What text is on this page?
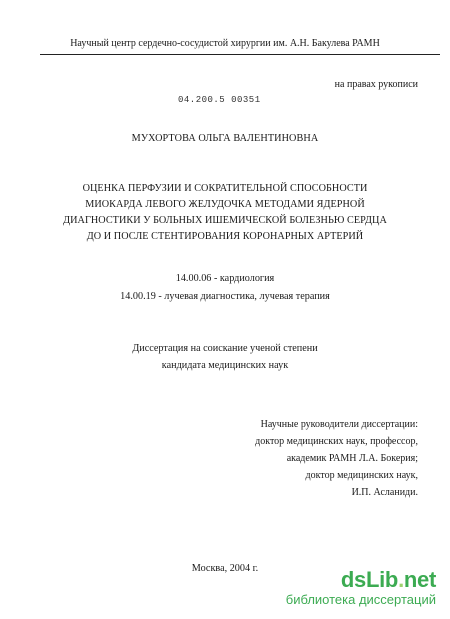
Научный центр сердечно-сосудистой хирургии им. А.Н. Бакулева РАМН
на правах рукописи
04.200.5 00351
МУХОРТОВА ОЛЬГА ВАЛЕНТИНОВНА
ОЦЕНКА ПЕРФУЗИИ И СОКРАТИТЕЛЬНОЙ СПОСОБНОСТИ
МИОКАРДА ЛЕВОГО ЖЕЛУДОЧКА МЕТОДАМИ ЯДЕРНОЙ
ДИАГНОСТИКИ У БОЛЬНЫХ ИШЕМИЧЕСКОЙ БОЛЕЗНЬЮ СЕРДЦА
ДО И ПОСЛЕ СТЕНТИРОВАНИЯ КОРОНАРНЫХ АРТЕРИЙ
14.00.06 - кардиология
14.00.19 - лучевая диагностика, лучевая терапия
Диссертация на соискание ученой степени
кандидата медицинских наук
Научные руководители диссертации:
доктор медицинских наук, профессор,
академик РАМН Л.А. Бокерия;
доктор медицинских наук,
И.П. Асланиди.
Москва, 2004 г.	dsLib.net
библиотека диссертаций
